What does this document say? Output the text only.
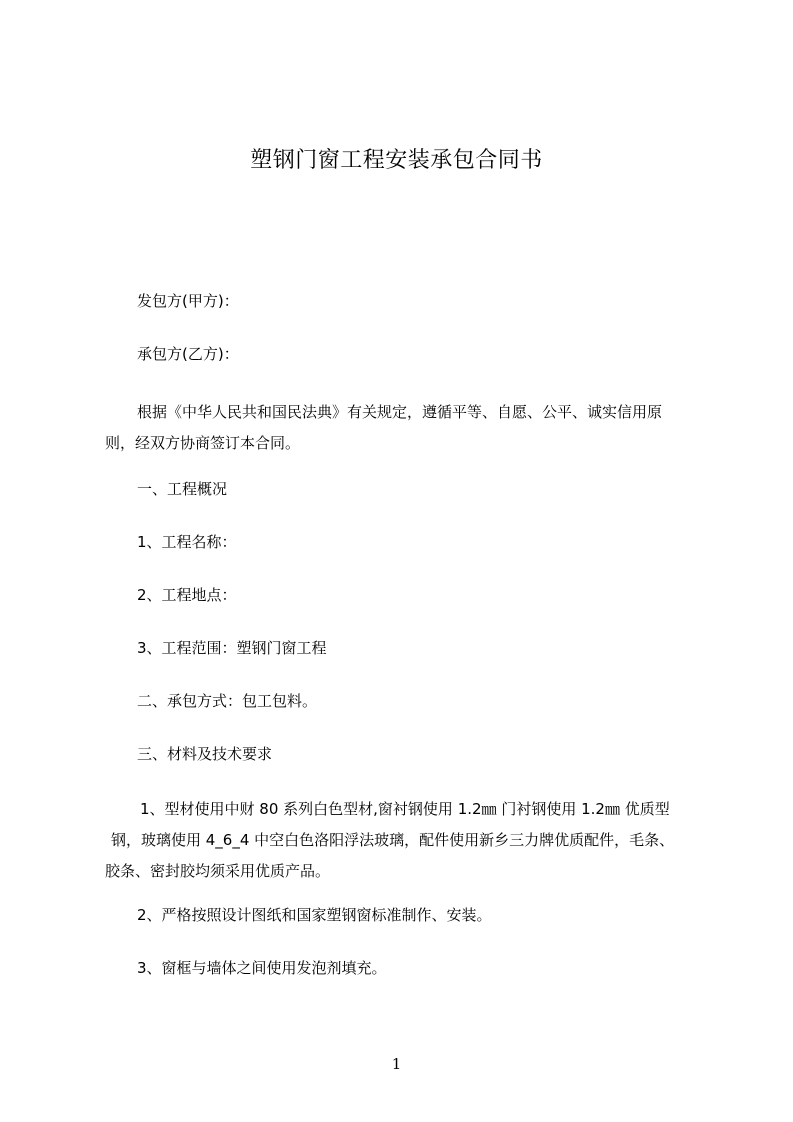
塑钢门窗工程安装承包合同书
发包方(甲方)：
承包方(乙方)：
根据《中华人民共和国民法典》有关规定，遵循平等、自愿、公平、诚实信用原
则，经双方协商签订本合同。
一、工程概况
1、工程名称：
2、工程地点：
3、工程范围：塑钢门窗工程
二、承包方式：包工包料。
三、材料及技术要求
1、型材使用中财 80 系列白色型材,窗衬钢使用 1.2㎜ 门衬钢使用 1.2㎜ 优质型
钢，玻璃使用 4_6_4 中空白色洛阳浮法玻璃，配件使用新乡三力牌优质配件，毛条、
胶条、密封胶均须采用优质产品。
2、严格按照设计图纸和国家塑钢窗标准制作、安装。
3、窗框与墙体之间使用发泡剂填充。
1
